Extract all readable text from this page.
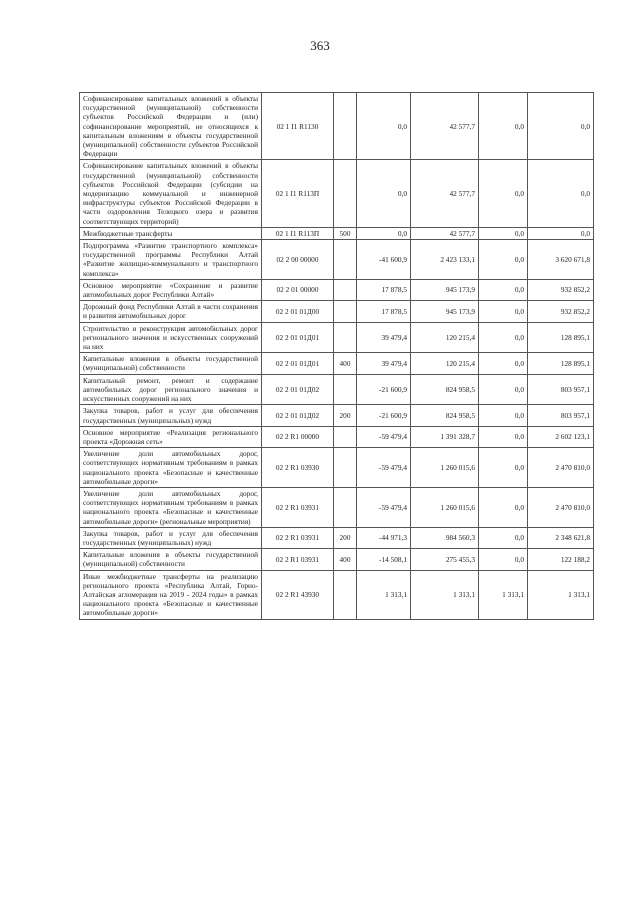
363
Софинансирование капитальных вложений в объекты государственной (муниципальной) собственности субъектов Российской Федерации и (или) софинансирование мероприятий, не относящихся к капитальным вложениям в объекты государственной (муниципальной) собственности субъектов Российской Федерации	02 1 I1 R1130		0,0	42 577,7	0,0	0,0
Софинансирование капитальных вложений в объекты государственной (муниципальной) собственности субъектов Российской Федерации (субсидии на модернизацию коммунальной и инженерной инфраструктуры субъектов Российской Федерации в части оздоровления Телецкого озера и развития соответствующих территорий)	02 1 I1 R113П		0,0	42 577,7	0,0	0,0
Межбюджетные трансферты	02 1 I1 R113П	500	0,0	42 577,7	0,0	0,0
Подпрограмма «Развитие транспортного комплекса» государственной программы Республики Алтай «Развитие жилищно-коммунального и транспортного комплекса»	02 2 00 00000		-41 600,9	2 423 133,1	0,0	3 620 671,8
Основное мероприятие «Сохранение и развитие автомобильных дорог Республики Алтай»	02 2 01 00000		17 878,5	945 173,9	0,0	932 852,2
Дорожный фонд Республики Алтай в части сохранения и развития автомобильных дорог	02 2 01 01Д00		17 878,5	945 173,9	0,0	932 852,2
Строительство и реконструкция автомобильных дорог регионального значения и искусственных сооружений на них	02 2 01 01Д01		39 479,4	120 215,4	0,0	128 895,1
Капитальные вложения в объекты государственной (муниципальной) собственности	02 2 01 01Д01	400	39 479,4	120 215,4	0,0	128 895,1
Капитальный ремонт, ремонт и содержание автомобильных дорог регионального значения и искусственных сооружений на них	02 2 01 01Д02		-21 600,9	824 958,5	0,0	803 957,1
Закупка товаров, работ и услуг для обеспечения государственных (муниципальных) нужд	02 2 01 01Д02	200	-21 600,9	824 958,5	0,0	803 957,1
Основное мероприятие «Реализация регионального проекта «Дорожная сеть»	02 2 R1 00000		-59 479,4	1 391 328,7	0,0	2 602 123,1
Увеличение доли автомобильных дорог, соответствующих нормативным требованиям в рамках национального проекта «Безопасные и качественные автомобильные дороги»	02 2 R1 03930		-59 479,4	1 260 015,6	0,0	2 470 810,0
Увеличение доли автомобильных дорог, соответствующих нормативным требованиям в рамках национального проекта «Безопасные и качественные автомобильные дороги» (региональные мероприятия)	02 2 R1 03931		-59 479,4	1 260 015,6	0,0	2 470 810,0
Закупка товаров, работ и услуг для обеспечения государственных (муниципальных) нужд	02 2 R1 03931	200	-44 971,3	984 560,3	0,0	2 348 621,8
Капитальные вложения в объекты государственной (муниципальной) собственности	02 2 R1 03931	400	-14 508,1	275 455,3	0,0	122 188,2
Иные межбюджетные трансферты на реализацию регионального проекта «Республика Алтай, Горно-Алтайская агломерация на 2019 - 2024 годы» в рамках национального проекта «Безопасные и качественные автомобильные дороги»	02 2 R1 43930		1 313,1	1 313,1	1 313,1	1 313,1
